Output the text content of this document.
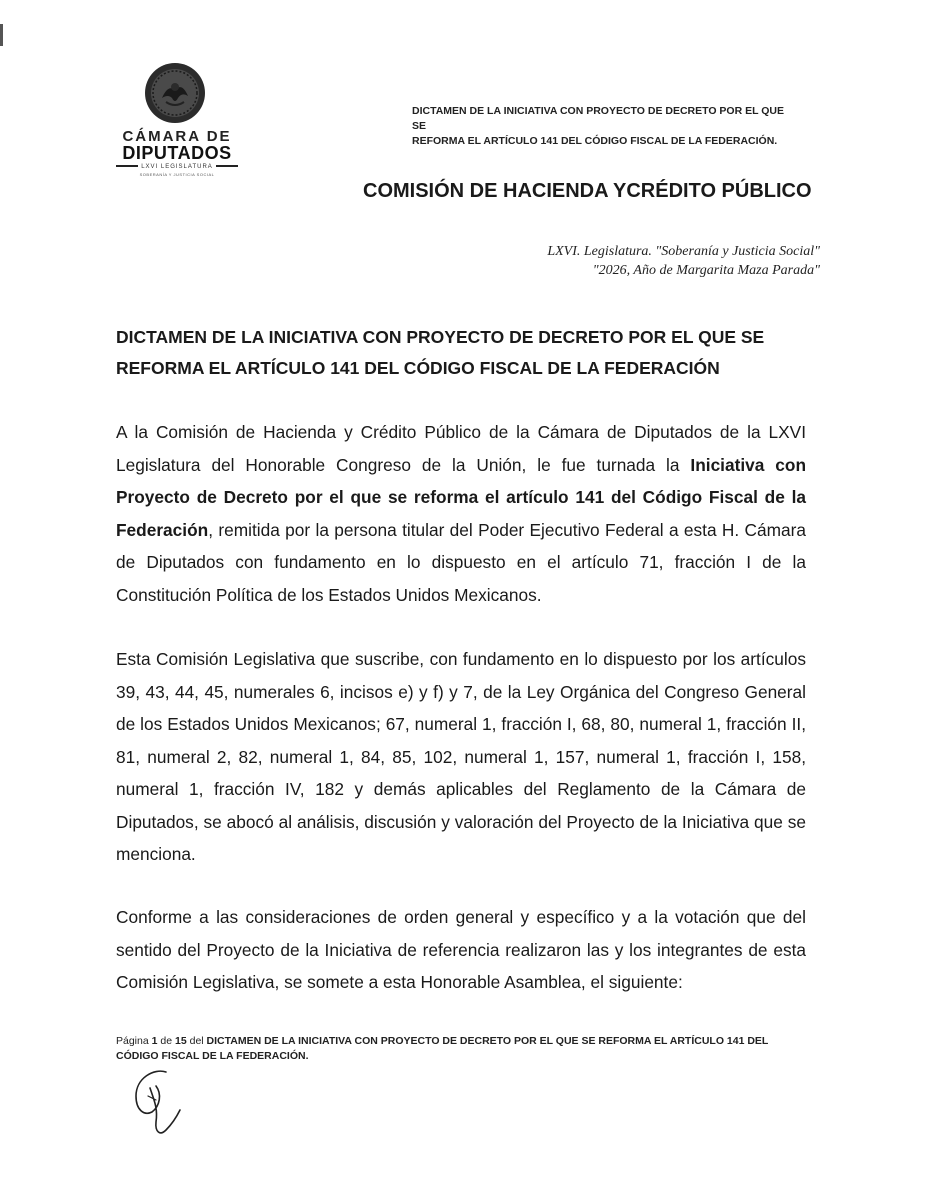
CÁMARA DE
DIPUTADOS
LXVI LEGISLATURA
SOBERANÍA Y JUSTICIA SOCIAL
DICTAMEN DE LA INICIATIVA CON PROYECTO DE DECRETO POR EL QUE SE
REFORMA EL ARTÍCULO 141 DEL CÓDIGO FISCAL DE LA FEDERACIÓN.
COMISIÓN DE HACIENDA YCRÉDITO PÚBLICO
LXVI. Legislatura. "Soberanía y Justicia Social"
"2026, Año de Margarita Maza Parada"
DICTAMEN DE LA INICIATIVA CON PROYECTO DE DECRETO POR EL QUE SE
REFORMA EL ARTÍCULO 141 DEL CÓDIGO FISCAL DE LA FEDERACIÓN
A la Comisión de Hacienda y Crédito Público de la Cámara de Diputados de la LXVI Legislatura del Honorable Congreso de la Unión, le fue turnada la Iniciativa con Proyecto de Decreto por el que se reforma el artículo 141 del Código Fiscal de la Federación, remitida por la persona titular del Poder Ejecutivo Federal a esta H. Cámara de Diputados con fundamento en lo dispuesto en el artículo 71, fracción I de la Constitución Política de los Estados Unidos Mexicanos.
Esta Comisión Legislativa que suscribe, con fundamento en lo dispuesto por los artículos 39, 43, 44, 45, numerales 6, incisos e) y f) y 7, de la Ley Orgánica del Congreso General de los Estados Unidos Mexicanos; 67, numeral 1, fracción I, 68, 80, numeral 1, fracción II, 81, numeral 2, 82, numeral 1, 84, 85, 102, numeral 1, 157, numeral 1, fracción I, 158, numeral 1, fracción IV, 182 y demás aplicables del Reglamento de la Cámara de Diputados, se abocó al análisis, discusión y valoración del Proyecto de la Iniciativa que se menciona.
Conforme a las consideraciones de orden general y específico y a la votación que del sentido del Proyecto de la Iniciativa de referencia realizaron las y los integrantes de esta Comisión Legislativa, se somete a esta Honorable Asamblea, el siguiente:
Página 1 de 15 del DICTAMEN DE LA INICIATIVA CON PROYECTO DE DECRETO POR EL QUE SE REFORMA EL ARTÍCULO 141 DEL CÓDIGO FISCAL DE LA FEDERACIÓN.
